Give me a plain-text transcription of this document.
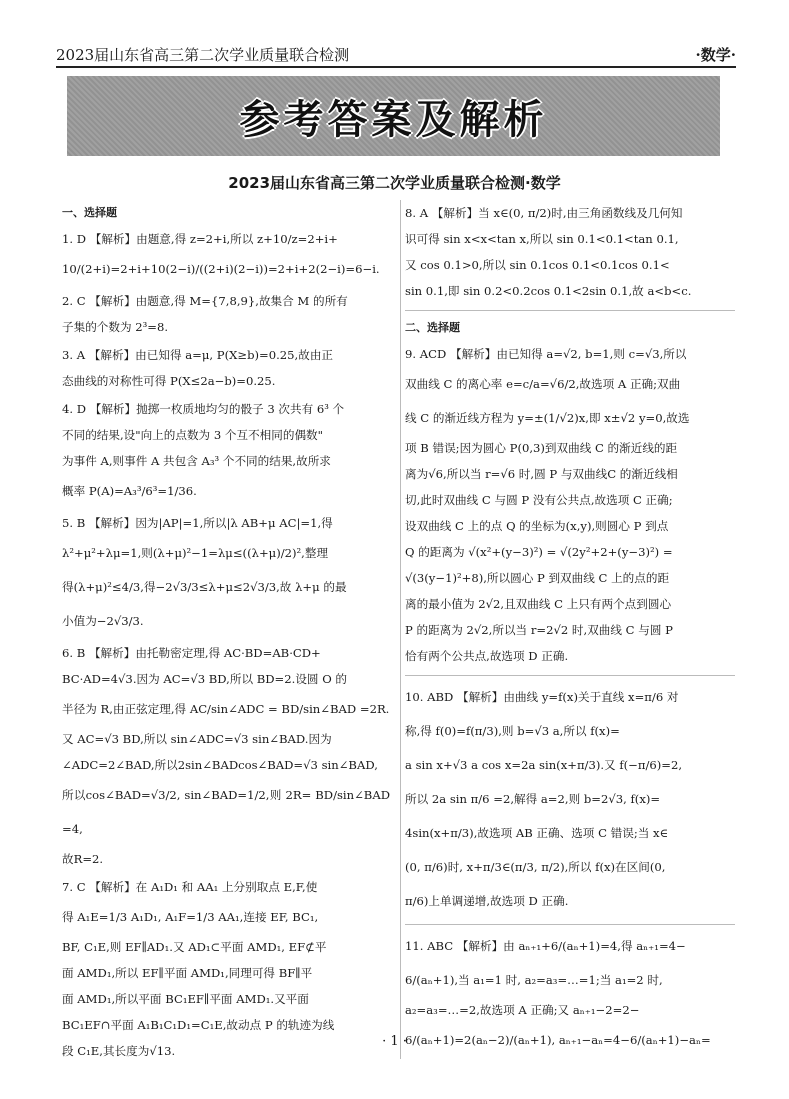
2023届山东省高三第二次学业质量联合检测	·数学·
参考答案及解析
2023届山东省高三第二次学业质量联合检测·数学
一、选择题
1. D 【解析】由题意,得 z=2+i,所以 z+10/z=2+i+
10/(2+i)=2+i+10(2−i)/((2+i)(2−i))=2+i+2(2−i)=6−i.
2. C 【解析】由题意,得 M={7,8,9},故集合 M 的所有
子集的个数为 2³=8.
3. A 【解析】由已知得 a=μ, P(X≥b)=0.25,故由正
态曲线的对称性可得 P(X≤2a−b)=0.25.
4. D 【解析】抛掷一枚质地均匀的骰子 3 次共有 6³ 个
不同的结果,设"向上的点数为 3 个互不相同的偶数"
为事件 A,则事件 A 共包含 A₃³ 个不同的结果,故所求
概率 P(A)=A₃³/6³=1/36.
5. B 【解析】因为|AP|=1,所以|λ AB+μ AC|=1,得
λ²+μ²+λμ=1,则(λ+μ)²−1=λμ≤((λ+μ)/2)²,整理
得(λ+μ)²≤4/3,得−2√3/3≤λ+μ≤2√3/3,故 λ+μ 的最
小值为−2√3/3.
6. B 【解析】由托勒密定理,得 AC·BD=AB·CD+
BC·AD=4√3.因为 AC=√3 BD,所以 BD=2.设圆 O 的
半径为 R,由正弦定理,得 AC/sin∠ADC = BD/sin∠BAD =2R.
又 AC=√3 BD,所以 sin∠ADC=√3 sin∠BAD.因为
∠ADC=2∠BAD,所以2sin∠BADcos∠BAD=√3 sin∠BAD,
所以cos∠BAD=√3/2, sin∠BAD=1/2,则 2R= BD/sin∠BAD =4,
故R=2.
7. C 【解析】在 A₁D₁ 和 AA₁ 上分别取点 E,F,使
得 A₁E=1/3 A₁D₁, A₁F=1/3 AA₁,连接 EF, BC₁,
BF, C₁E,则 EF∥AD₁.又 AD₁⊂平面 AMD₁, EF⊄平
面 AMD₁,所以 EF∥平面 AMD₁,同理可得 BF∥平
面 AMD₁,所以平面 BC₁EF∥平面 AMD₁.又平面
BC₁EF∩平面 A₁B₁C₁D₁=C₁E,故动点 P 的轨迹为线
段 C₁E,其长度为√13.
8. A 【解析】当 x∈(0, π/2)时,由三角函数线及几何知
识可得 sin x<x<tan x,所以 sin 0.1<0.1<tan 0.1,
又 cos 0.1>0,所以 sin 0.1cos 0.1<0.1cos 0.1<
sin 0.1,即 sin 0.2<0.2cos 0.1<2sin 0.1,故 a<b<c.
二、选择题
9. ACD 【解析】由已知得 a=√2, b=1,则 c=√3,所以
双曲线 C 的离心率 e=c/a=√6/2,故选项 A 正确;双曲
线 C 的渐近线方程为 y=±(1/√2)x,即 x±√2 y=0,故选
项 B 错误;因为圆心 P(0,3)到双曲线 C 的渐近线的距
离为√6,所以当 r=√6 时,圆 P 与双曲线C 的渐近线相
切,此时双曲线 C 与圆 P 没有公共点,故选项 C 正确;
设双曲线 C 上的点 Q 的坐标为(x,y),则圆心 P 到点
Q 的距离为 √(x²+(y−3)²) = √(2y²+2+(y−3)²) =
√(3(y−1)²+8),所以圆心 P 到双曲线 C 上的点的距
离的最小值为 2√2,且双曲线 C 上只有两个点到圆心
P 的距离为 2√2,所以当 r=2√2 时,双曲线 C 与圆 P
恰有两个公共点,故选项 D 正确.
10. ABD 【解析】由曲线 y=f(x)关于直线 x=π/6 对
称,得 f(0)=f(π/3),则 b=√3 a,所以 f(x)=
a sin x+√3 a cos x=2a sin(x+π/3).又 f(−π/6)=2,
所以 2a sin π/6 =2,解得 a=2,则 b=2√3, f(x)=
4sin(x+π/3),故选项 AB 正确、选项 C 错误;当 x∈
(0, π/6)时, x+π/3∈(π/3, π/2),所以 f(x)在区间(0,
π/6)上单调递增,故选项 D 正确.
11. ABC 【解析】由 aₙ₊₁+6/(aₙ+1)=4,得 aₙ₊₁=4−
6/(aₙ+1),当 a₁=1 时, a₂=a₃=…=1;当 a₁=2 时,
a₂=a₃=…=2,故选项 A 正确;又 aₙ₊₁−2=2−
6/(aₙ+1)=2(aₙ−2)/(aₙ+1), aₙ₊₁−aₙ=4−6/(aₙ+1)−aₙ=
· 1 ·
